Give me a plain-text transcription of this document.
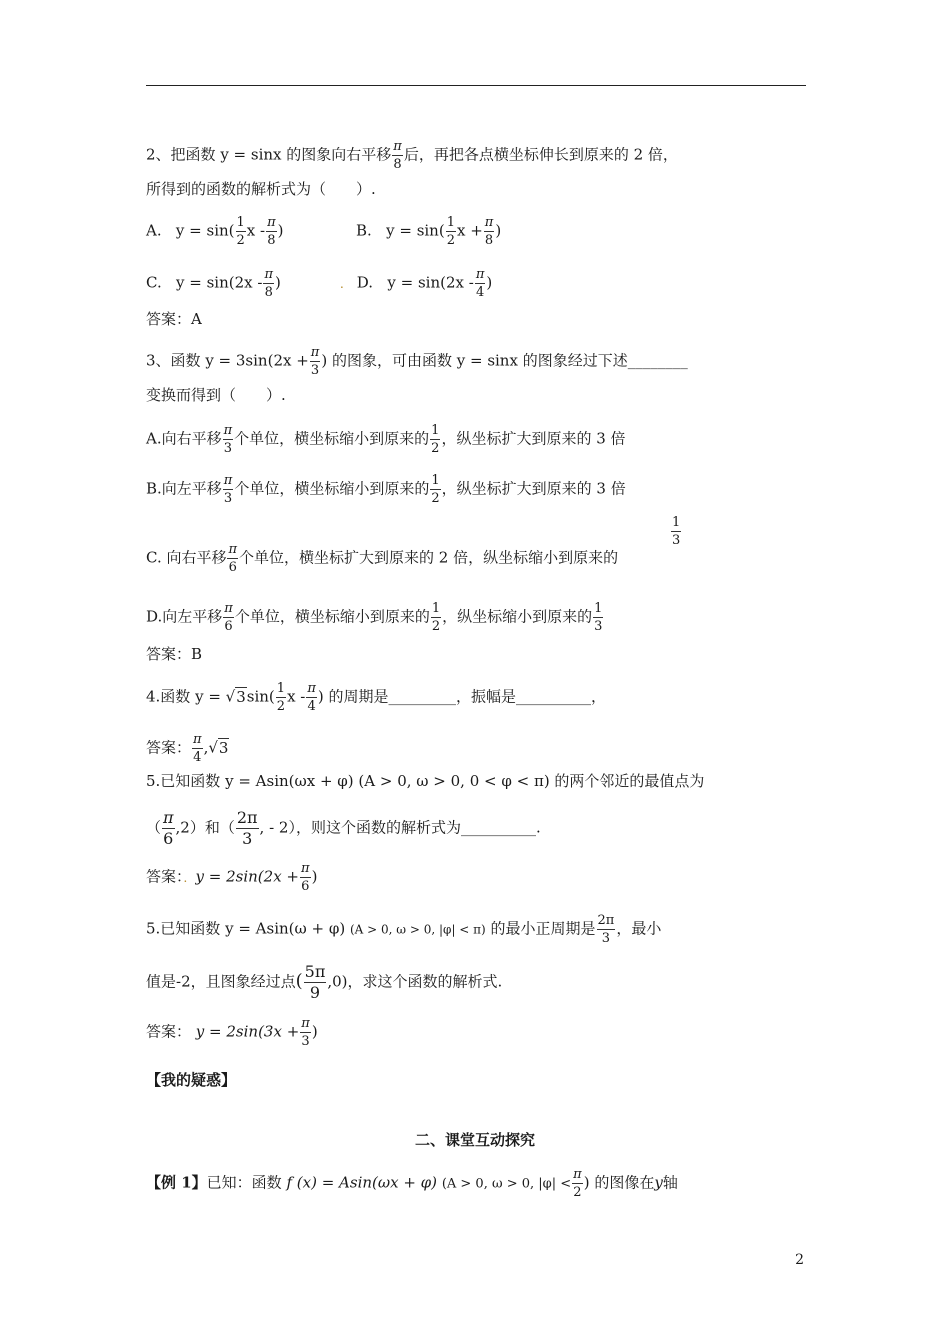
2、把函数 y = sinx 的图象向右平移 $\frac{\pi}{8}$ 后，再把各点横坐标伸长到原来的 2 倍，
所得到的函数的解析式为（　　）.
A. $y = \sin( \frac{1}{2}$ x - $\frac{\pi}{8}$ )	B. $y = \sin( \frac{1}{2}$ $x + \frac{\pi}{8}$ )
C. $y = \sin(2x - \frac{\pi}{8}$ )	． D. $y = \sin(2x - \frac{\pi}{4}$ )
答案：A
3、函数 $y = 3\sin(2x + \frac{\pi}{3}$ ) 的图象，可由函数 y = sinx 的图象经过下述________
变换而得到（　　）.
A.向右平移 $\frac{\pi}{3}$ 个单位，横坐标缩小到原来的 $\frac{1}{2}$ ，纵坐标扩大到原来的 3 倍
B.向左平移 $\frac{\pi}{3}$ 个单位，横坐标缩小到原来的 $\frac{1}{2}$ ，纵坐标扩大到原来的 3 倍
C. 向右平移 $\frac{\pi}{6}$ 个单位，横坐标扩大到原来的 2 倍，纵坐标缩小到原来的
$\frac{1}{3}$
D.向左平移 $\frac{\pi}{6}$ 个单位，横坐标缩小到原来的 $\frac{1}{2}$ ，纵坐标缩小到原来的 $\frac{1}{3}$
答案：B
4.函数 $y = √3\sin( \frac{1}{2}$ x - $\frac{\pi}{4}$ ) 的周期是_________，振幅是__________，
答案： $\frac{\pi}{4} ,√3$
5.已知函数 y = Asin(ωx + φ) (A > 0, ω > 0, 0 < φ < π) 的两个邻近的最值点为
（ $\frac{\pi}{6} ,2$）和（ $\frac{2\pi}{3}$ , - 2），则这个函数的解析式为__________.
答案：．$y = 2\sin(2x + \frac{\pi}{6}$ )
5.已知函数 y = Asin(ω + φ) (A > 0, ω > 0, |φ| < π) 的最小正周期是 $\frac{2\pi}{3}$ ，最小
值是-2，且图象经过点( $\frac{5\pi}{9} ,0$)，求这个函数的解析式.
答案： $y = 2\sin(3x + \frac{\pi}{3}$ )
【我的疑惑】
二、课堂互动探究
【例 1】已知：函数 f (x) = Asin(ωx + φ) (A > 0, ω > 0, $|\varphi| < \frac{\pi}{2}$ ) 的图像在y轴
2
